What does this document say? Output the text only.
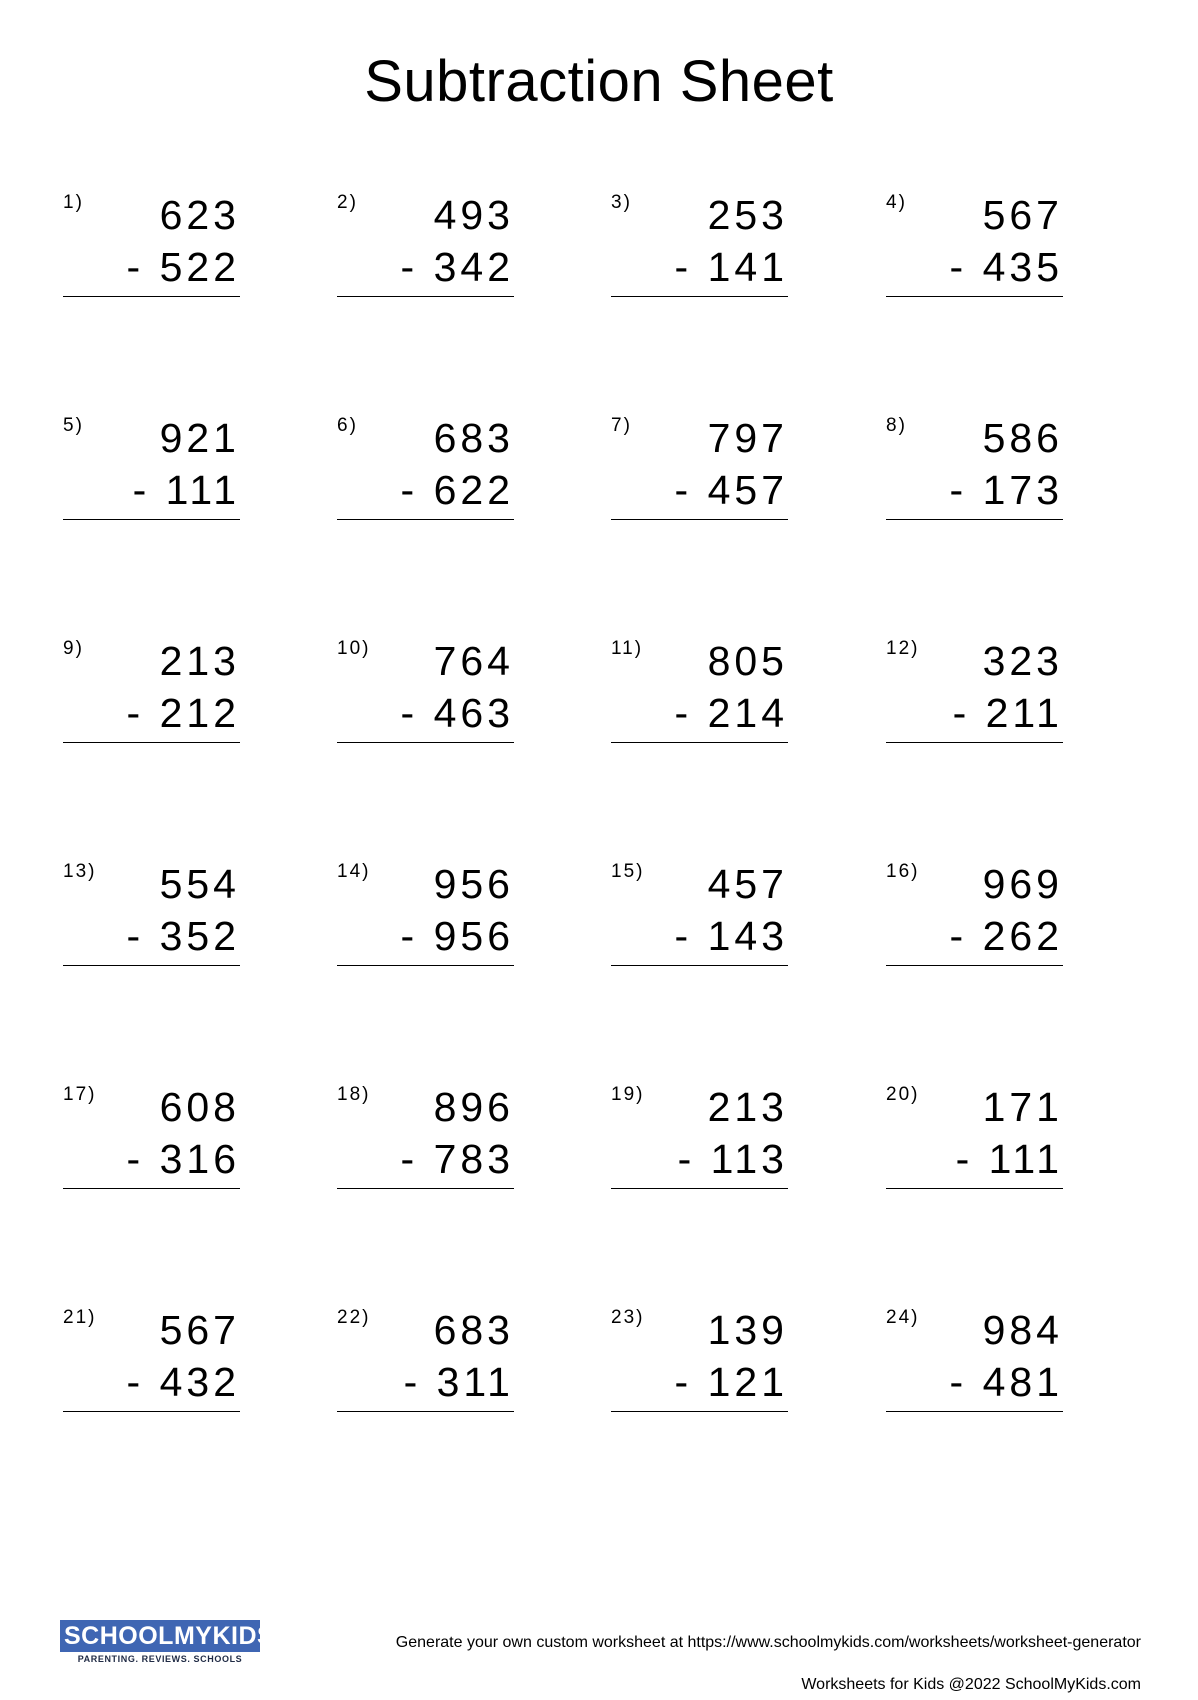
Subtraction Sheet
1) 623
- 522
2) 493
- 342
3) 253
- 141
4) 567
- 435
5) 921
- 111
6) 683
- 622
7) 797
- 457
8) 586
- 173
9) 213
- 212
10) 764
- 463
11) 805
- 214
12) 323
- 211
13) 554
- 352
14) 956
- 956
15) 457
- 143
16) 969
- 262
17) 608
- 316
18) 896
- 783
19) 213
- 113
20) 171
- 111
21) 567
- 432
22) 683
- 311
23) 139
- 121
24) 984
- 481
SCHOOLMYKIDS
PARENTING. REVIEWS. SCHOOLS
Generate your own custom worksheet at https://www.schoolmykids.com/worksheets/worksheet-generator
Worksheets for Kids @2022 SchoolMyKids.com
